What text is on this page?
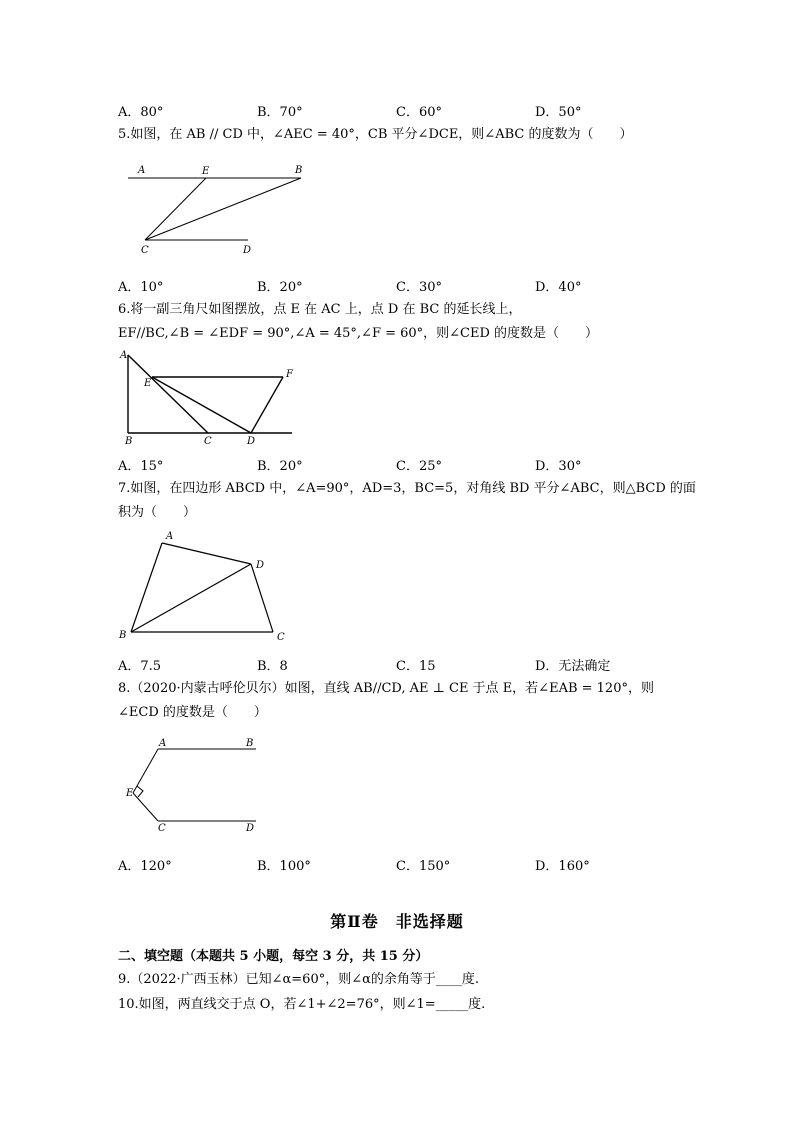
A．80°	B．70°	C．60°	D．50°
5.如图，在 AB // CD 中，∠AEC = 40°，CB 平分∠DCE，则∠ABC 的度数为（　　）
A	E	B
C	D
A．10°	B．20°	C．30°	D．40°
6.将一副三角尺如图摆放，点 E 在 AC 上，点 D 在 BC 的延长线上，
EF//BC,∠B = ∠EDF = 90°,∠A = 45°,∠F = 60°，则∠CED 的度数是（　　）
A
E
F
B	C	D
A．15°	B．20°	C．25°	D．30°
7.如图，在四边形 ABCD 中，∠A=90°，AD=3，BC=5，对角线 BD 平分∠ABC，则△BCD 的面
积为（　　）
A
D
B	C
A．7.5	B．8	C．15	D．无法确定
8.（2020·内蒙古呼伦贝尔）如图，直线 AB//CD, AE ⊥ CE 于点 E，若∠EAB = 120°，则
∠ECD 的度数是（　　）
A	B
E
C	D
A．120°	B．100°	C．150°	D．160°
第Ⅱ卷　非选择题
二、填空题（本题共 5 小题，每空 3 分，共 15 分）
9.（2022·广西玉林）已知∠α=60°，则∠α的余角等于____度.
10.如图，两直线交于点 O，若∠1+∠2=76°，则∠1=_____度.
